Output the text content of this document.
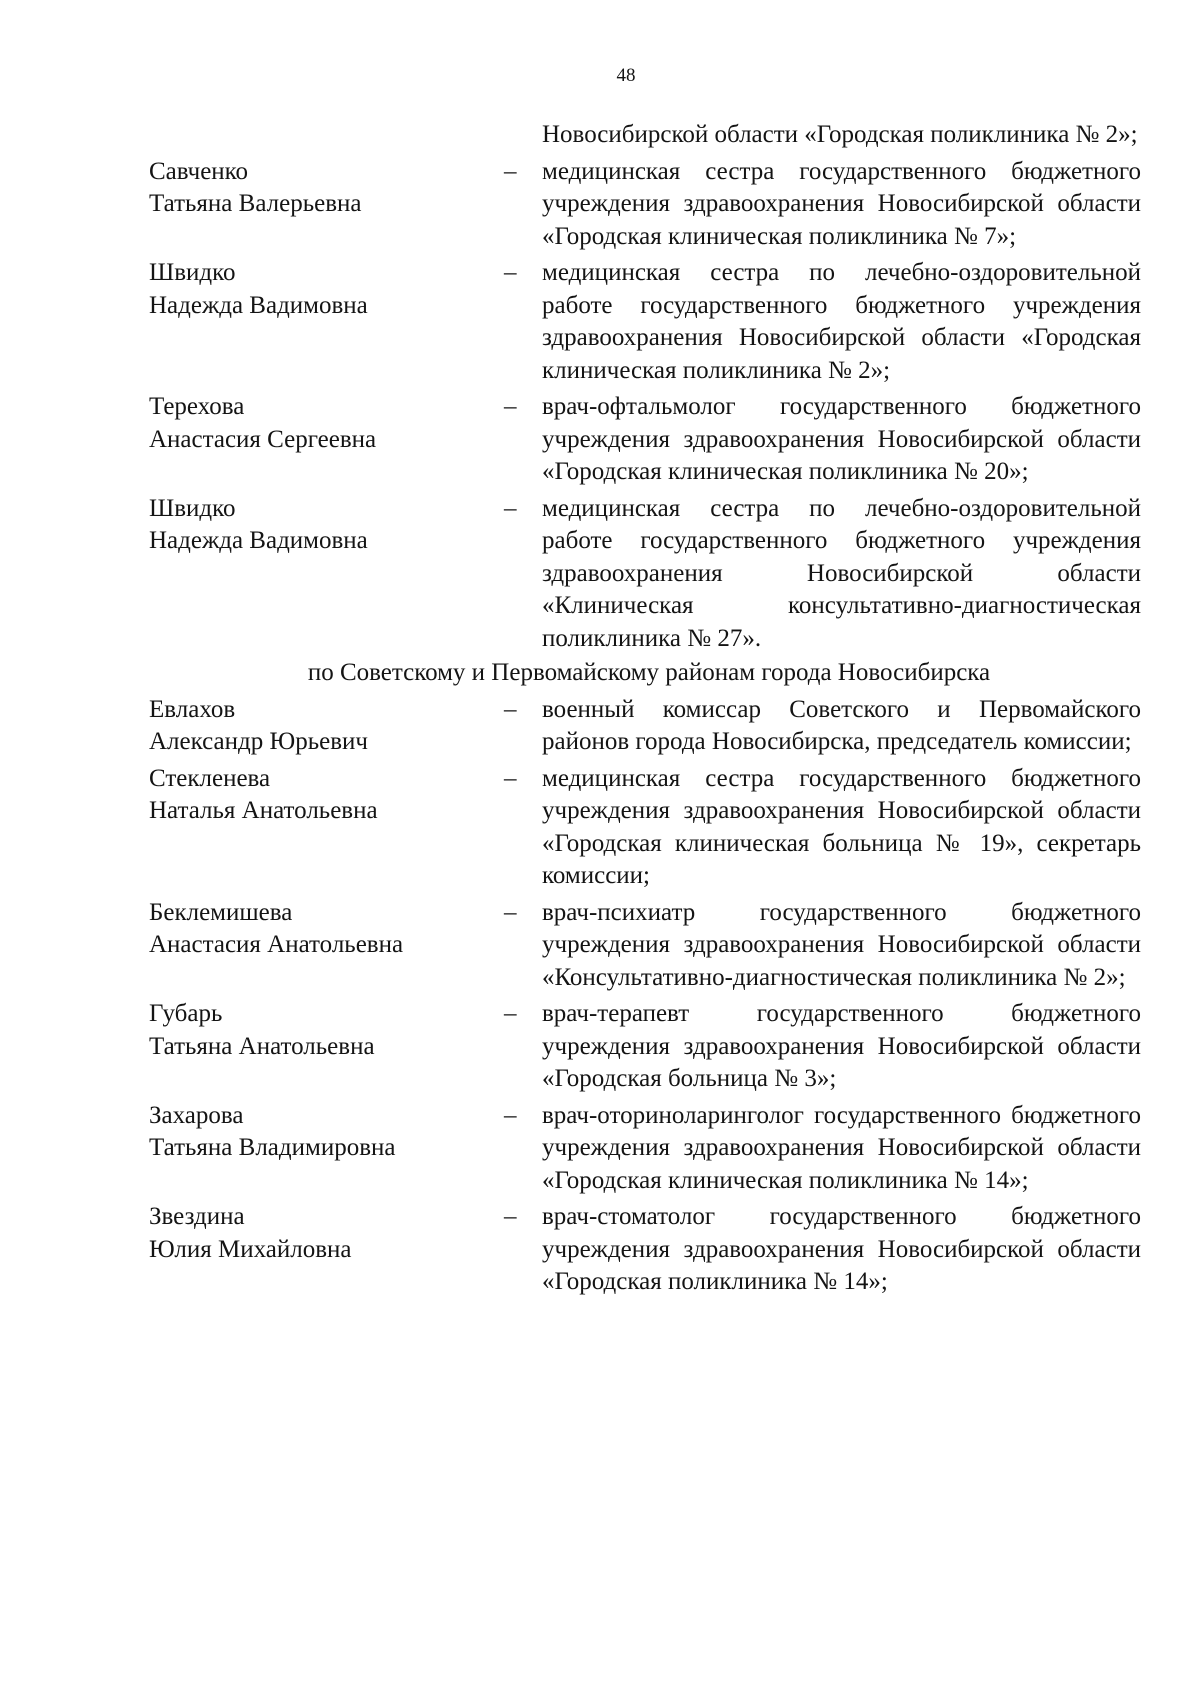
48
Новосибирской области «Городская поликлиника № 2»;
Савченко
Татьяна Валерьевна
–	медицинская сестра государственного бюджетного учреждения здравоохранения Новосибирской области «Городская клиническая поликлиника № 7»;
Швидко
Надежда Вадимовна
–	медицинская сестра по лечебно-оздоровительной работе государственного бюджетного учреждения здравоохранения Новосибирской области «Городская клиническая поликлиника № 2»;
Терехова
Анастасия Сергеевна
–	врач-офтальмолог государственного бюджетного учреждения здравоохранения Новосибирской области «Городская клиническая поликлиника № 20»;
Швидко
Надежда Вадимовна
–	медицинская сестра по лечебно-оздоровительной работе государственного бюджетного учреждения здравоохранения Новосибирской области «Клиническая консультативно-диагностическая поликлиника № 27».
по Советскому и Первомайскому районам города Новосибирска
Евлахов
Александр Юрьевич
–	военный комиссар Советского и Первомайского районов города Новосибирска, председатель комиссии;
Стекленева
Наталья Анатольевна
–	медицинская сестра государственного бюджетного учреждения здравоохранения Новосибирской области «Городская клиническая больница № 19», секретарь комиссии;
Беклемишева
Анастасия Анатольевна
–	врач-психиатр государственного бюджетного учреждения здравоохранения Новосибирской области «Консультативно-диагностическая поликлиника № 2»;
Губарь
Татьяна Анатольевна
–	врач-терапевт государственного бюджетного учреждения здравоохранения Новосибирской области «Городская больница № 3»;
Захарова
Татьяна Владимировна
–	врач-оториноларинголог государственного бюджетного учреждения здравоохранения Новосибирской области «Городская клиническая поликлиника № 14»;
Звездина
Юлия Михайловна
–	врач-стоматолог государственного бюджетного учреждения здравоохранения Новосибирской области «Городская поликлиника № 14»;
